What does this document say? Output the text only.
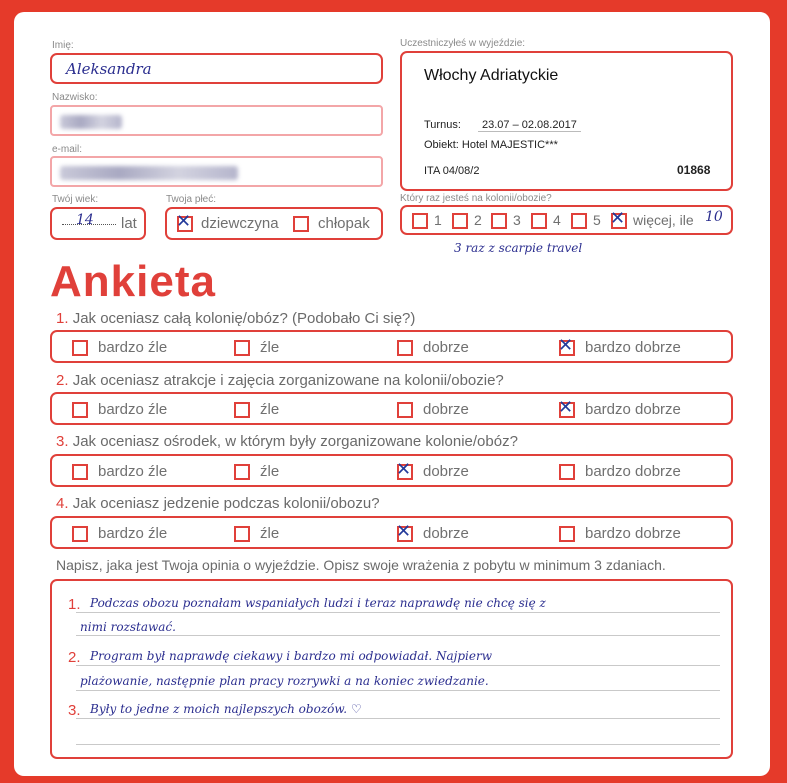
Imię:
Aleksandra
Nazwisko:
e-mail:
Twój wiek:
14 lat
Twoja płeć:
✕ dziewczyna	chłopak
Uczestniczyłeś w wyjeździe:
Włochy Adriatyckie
Turnus:	23.07 – 02.08.2017
Obiekt: Hotel MAJESTIC***
ITA 04/08/2	01868
Który raz jesteś na kolonii/obozie?
1 2 3 4 5 ✕ więcej, ile 10
3 raz z scarpie travel
Ankieta
1. Jak oceniasz całą kolonię/obóz? (Podobało Ci się?)
bardzo źle	źle	dobrze	✕ bardzo dobrze
2. Jak oceniasz atrakcje i zajęcia zorganizowane na kolonii/obozie?
bardzo źle	źle	dobrze	✕ bardzo dobrze
3. Jak oceniasz ośrodek, w którym były zorganizowane kolonie/obóz?
bardzo źle	źle	✕ dobrze	bardzo dobrze
4. Jak oceniasz jedzenie podczas kolonii/obozu?
bardzo źle	źle	✕ dobrze	bardzo dobrze
Napisz, jaka jest Twoja opinia o wyjeździe. Opisz swoje wrażenia z pobytu w minimum 3 zdaniach.
1.
2.
3.
Podczas obozu poznałam wspaniałych ludzi i teraz naprawdę nie chcę się z
nimi rozstawać.
Program był naprawdę ciekawy i bardzo mi odpowiadał. Najpierw
plażowanie, następnie plan pracy rozrywki a na koniec zwiedzanie.
Były to jedne z moich najlepszych obozów. ♡
